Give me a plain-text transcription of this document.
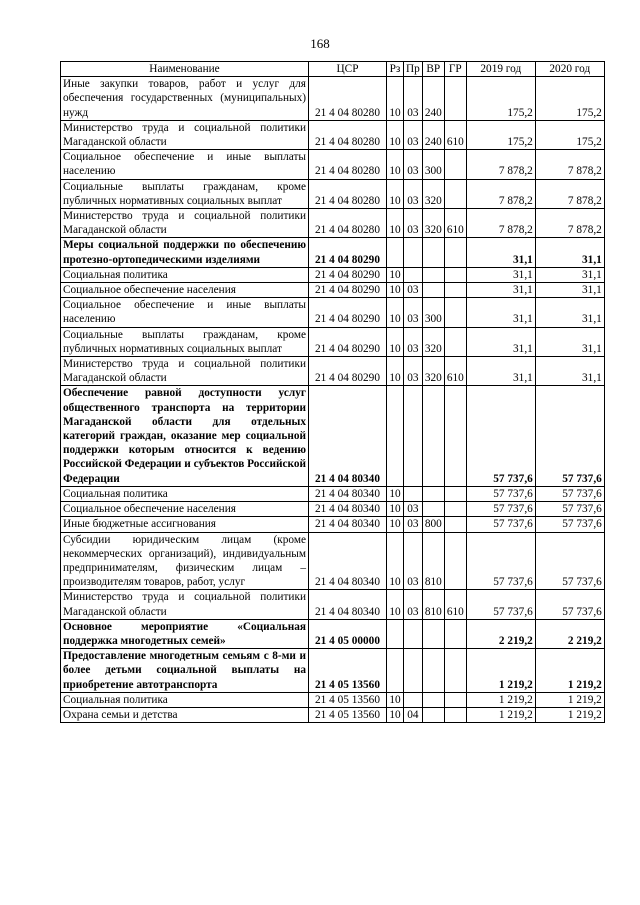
168
Наименование	ЦСР	Рз	Пр	ВР	ГР	2019 год	2020 год
Иные закупки товаров, работ и услуг для обеспечения государственных (муниципальных) нужд	21 4 04 80280	10	03	240		175,2	175,2
Министерство труда и социальной политики Магаданской области	21 4 04 80280	10	03	240	610	175,2	175,2
Социальное обеспечение и иные выплаты населению	21 4 04 80280	10	03	300		7 878,2	7 878,2
Социальные выплаты гражданам, кроме публичных нормативных социальных выплат	21 4 04 80280	10	03	320		7 878,2	7 878,2
Министерство труда и социальной политики Магаданской области	21 4 04 80280	10	03	320	610	7 878,2	7 878,2
Меры социальной поддержки по обеспечению протезно-ортопедическими изделиями	21 4 04 80290					31,1	31,1
Социальная политика	21 4 04 80290	10				31,1	31,1
Социальное обеспечение населения	21 4 04 80290	10	03			31,1	31,1
Социальное обеспечение и иные выплаты населению	21 4 04 80290	10	03	300		31,1	31,1
Социальные выплаты гражданам, кроме публичных нормативных социальных выплат	21 4 04 80290	10	03	320		31,1	31,1
Министерство труда и социальной политики Магаданской области	21 4 04 80290	10	03	320	610	31,1	31,1
Обеспечение равной доступности услуг общественного транспорта на территории Магаданской области для отдельных категорий граждан, оказание мер социальной поддержки которым относится к ведению Российской Федерации и субъектов Российской Федерации	21 4 04 80340					57 737,6	57 737,6
Социальная политика	21 4 04 80340	10				57 737,6	57 737,6
Социальное обеспечение населения	21 4 04 80340	10	03			57 737,6	57 737,6
Иные бюджетные ассигнования	21 4 04 80340	10	03	800		57 737,6	57 737,6
Субсидии юридическим лицам (кроме некоммерческих организаций), индивидуальным предпринимателям, физическим лицам – производителям товаров, работ, услуг	21 4 04 80340	10	03	810		57 737,6	57 737,6
Министерство труда и социальной политики Магаданской области	21 4 04 80340	10	03	810	610	57 737,6	57 737,6
Основное мероприятие «Социальная поддержка многодетных семей»	21 4 05 00000					2 219,2	2 219,2
Предоставление многодетным семьям с 8-ми и более детьми социальной выплаты на приобретение автотранспорта	21 4 05 13560					1 219,2	1 219,2
Социальная политика	21 4 05 13560	10				1 219,2	1 219,2
Охрана семьи и детства	21 4 05 13560	10	04			1 219,2	1 219,2
